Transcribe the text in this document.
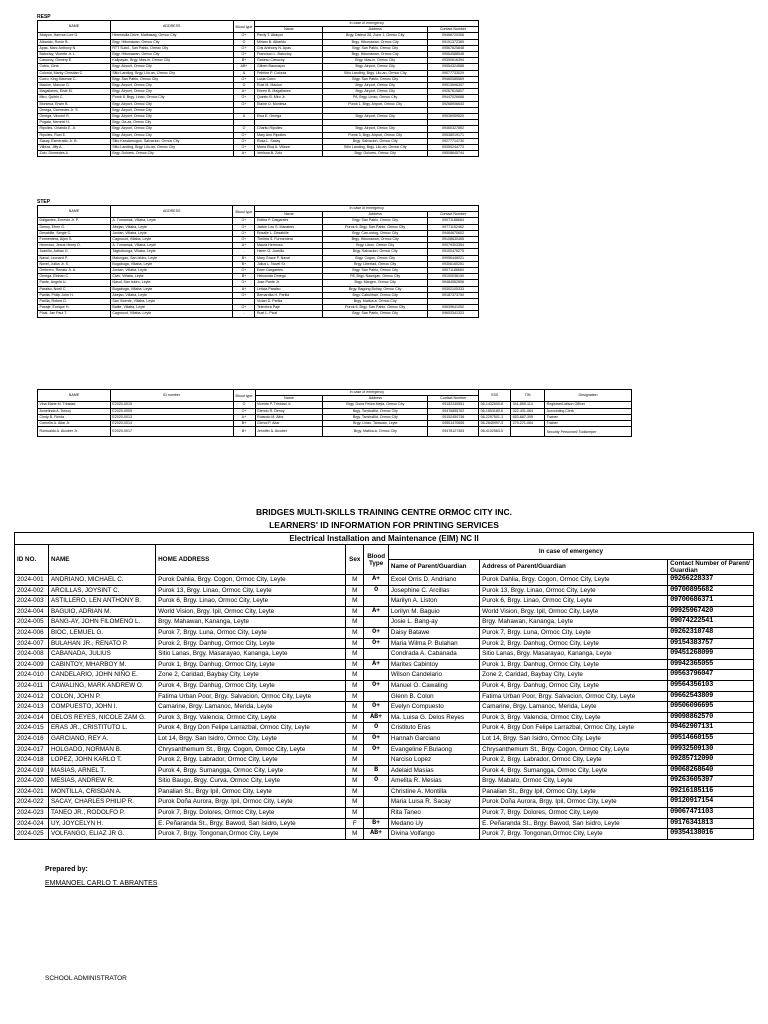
RESP
NAME	ADDRESS	Blood type	In case of emergency		
			Name	Address	Contact Number
Abayon, Harmon Lee G.	Hermosilla Drive, Matbasag, Ormoc City	O+	Perdy T. Abayon	Brgy. District 28, Zone 1, Ormoc City	09468720306
Albarido, Ronie B.	Brgy. Hibunawan, Ormoc City	O	Miriam B. Albarido	Brgy. Hibunawan, Ormoc City	09101372365
Apas, Marc Anthony N.	RTT Subd., San Pablo, Ormoc City	O+	Cris Anthony N. Apas	Brgy. San Pablo, Ormoc City	09567825848
Batoctoy, Vicente Jr. L.	Brgy. Hibunawan, Ormoc City	O+	Francisco L. Batoctoy	Brgy. Hibunawan, Ormoc City	09564588548
Casocoy, Ginnery E.	Kalipayan, Brgy. Mas-in, Ormoc City	B+	Gabeso Casocoy	Brgy. Mas-in, Ormoc City	09350616394
Cobio, Gina	Brgy. Airport, Ormoc City	AB+	Gilbert Baumayor	Brgy. Airport, Ormoc City	09554324588
Colonia, Marky Christian C.	Sitio Landing, Brgy. Lilo-an, Ormoc City	A	Febrine P. Colonia	Sitio Landing, Brgy. Lilo-an, Ormoc City	09077733029
Corro, King Maomar C.	Brgy. San Pablo, Ormoc City	O+	Lucia Corro	Brgy. San Pablo, Ormoc City	09460085569
Macion, Marcoe G.	Brgy. Airport, Ormoc City	O	Ruel M. Macion	Brgy. Airport, Ormoc City	09513696307
Magallanes, Elsie M.	Brgy. Airport, Ormoc City	A+	Eileen B. Magallanes	Brgy. Airport, Ormoc City	09267615807
Miro, Quibin C.	Purok 8, Brgy. Linao, Ormoc City	O+	Quintin B. Miro Jr.	P8, Brgy. Linao, Ormoc City	09447026688
Moniesa, Erwin B.	Brgy. Airport, Ormoc City	O+	Elaine O. Moniesa	Purok 1, Brgy. Airport, Ormoc City	09268906643
Omega, Diomedes Jr. S.	Brgy. Airport, Ormoc City				
Omega, Vincent R.	Brgy. Airport, Ormoc City	A	Elsa E. Omega	Brgy. Airport, Ormoc City	09536959520
Pugata, Nemriel H.	Brgy. Ga-as, Ormoc City				
Ripolles, Orlando E. Jr.	Brgy. Airport, Ormoc City	O	Charito Ripolles	Brgy. Airport, Ormoc City	09460327892
Ripolles, Ruel E.	Brgy. Airport, Ormoc City	O+	Mary Ann Ripolles	Purok 3, Brgy. Airport, Ormoc City	09538019171
Sasay, Esmeraldo Jr. B.	Sitio Kandarnogon, Salvacion, Ormoc City	O+	Rosa L. Sasay	Brgy. Salvacion, Ormoc City	09277714730
Villeza, Jiffy A.	Sitio Landing, Brgy. Lilo-an, Ormoc City	O+	Maria Elsa A. Villeza	Sitio Landing, Brgy. Lilo-an, Ormoc City	09350244773
Zolo, Diomedes A.	Brgy. Dolores, Ormoc City	A+	Venisoa B. Zolo	Brgy. Dolores, Ormoc City	09508645744
STEP
NAME	ADDRESS	Blood type	In case of emergency		
			Name	Address	Contact Number
Dalgantes, Ernesto Jr. P.	A. Tumamak, Villaba, Leyte	O+	Editha P. Dalgantes	Brgy. San Pablo, Ormoc City	09071188684
Denoy, Efren G.	Abejao, Villaba, Leyte	O+	Jackie Lou S. Macabus	Purok 6, Brgy. San Pablo, Ormoc City	09771152462
Desabille, Sergie C.	Jordan, Villaba, Leyte	O+	Rosalie L. Desabille	Brgy. Can-untog, Ormoc City	09484670602
Formentera, Aljon S.	Cagnocot, Villaba, Leyte	O+	Thelma S. Formentera	Brgy. Hibunawan, Ormoc City	09108630465
Hermoso, Jesus Henry O.	A. Tumamak, Villaba, Leyte	A+	Maura Hermoso	Brgy. Libon, Ormoc City	09079303354
Juanillo, Adrian G.	Tagbubunga, Villaba, Leyte	-	Helen G. Juanillo	Brgy. Salvacion, Ormoc City	09100476275
Naval, Leonard P.	Malungao, San Isidro, Leyte	B+	Mary Grace P. Naval	Brgy. Cogon, Ormoc City	09956446021
Novel, Julius Jr. S.	Bugabuga, Villaba, Leyte	B+	Julius L. Novel Sr.	Brgy. Libertad, Ormoc City	09306160251
Ombrero, Renato Jr. A.	Jordan, Villaba, Leyte	O+	Eden Dargantes	Brgy. San Pablo, Ormoc City	09071188684
Omega, Eldrian C.	Civic, Villaba, Leyte	B+	Helconida Omega	P8, Brgy. Naungan, Ormoc City	09100038150
Pante, Angelo U.	Nasul, San Isidro, Leyte	O+	Jose Pante Jr.	Brgy. Margen, Ormoc City	09484562806
Paraiso, Noeil C.	Bugabuga, Villaba, Leyte	A+	Leticia Paraiso	Brgy. Bagong Buhay, Ormoc City	09302105333
Parilla, Philip John H.	Abejao, Villaba, Leyte	O+	Bernardita H. Parilla	Brgy. Cabulihan, Ormoc City	09187373750
Parilla, Robert D.	San Vicente, Villaba, Leyte		Vivian D. Parilla	Brgy. Matica-a, Ormoc City	
Pasaje, Enrique H.	Batite, Villaba, Leyte	O+	Teleofora Paje	Purok 6, Brgy. San Pablo, Ormoc City	09639641052
Pical, Jan Paul T.	Cagnocot, Villaba, Leyte	-	Ruel L. Pical	Brgy. San Pablo, Ormoc City	09653341323
NAME	ID number	Blood type	In case of emergency			SSS	TIN	Designation
			Name	Address	Contact Number			
Vina Marie M. Trinidad	E2020-0015	O	Vicente P. Trinidad Jr.	Brgy. Dona Feliza Mejia, Ormoc City	09152245551	06-1432600-8	341-859-114	Registrar/Liaison Officer
Annelinda A. Denoy	E2020-0009	O+	Glendo R. Denoy	Brgy. Tambulilid, Ormoc City	09476855762	06-1853180-6	322-431-064	Accounting Clerk
Cindy B. Funda	E2020-0013	A+	Rolando M. Alfor	Brgy. Tambulilid, Ormoc City	09152450736	06-2297501-3	653-687-395	Trainer
Cornelio A. Altar Jr.	E2020-0014	B+	Glenol P. Altar	Brgy. Linao, Tanauan, Leyte	09551470655	06-2840997-3	279-271-064	Trainer
Romualdo A. Alcober Jr.	E2020-0017	B+	Jennifer A. Alcober	Brgy. Matica-a, Ormoc City	09478127363	06-4102563-5		Security Personnel/ Toolkeeper
BRIDGES MULTI-SKILLS TRAINING CENTRE ORMOC CITY INC.
LEARNERS' ID INFORMATION FOR PRINTING SERVICES
Electrical Installation and Maintenance (EIM) NC II							
ID NO.	NAME	HOME ADDRESS	Sex	Blood Type	In case of emergency		
					Name of Parent/Guardian	Address of Parent/Guardian	Contact Number of Parent/ Guardian
2024-001	ANDRIANO, MICHAEL C.	Purok Dahlia, Brgy. Cogon, Ormoc City, Leyte	M	A+	Excel Orris D. Andriano	Purok Dahlia, Brgy. Cogon, Ormoc City, Leyte	09266228337
2024-002	ARCILLAS, JOYSINT C.	Purok 13, Brgy. Linao, Ormoc City, Leyte	M	O	Josephine C. Arcillas	Purok 13, Brgy. Linao, Ormoc City, Leyte	09700895682
2024-003	ASTILLERO, LEN ANTHONY B.	Purok 6, Brgy. Linao, Ormoc City, Leyte	M		Marilyn A. Liston	Purok 6, Brgy. Linao, Ormoc City, Leyte	09700686371
2024-004	BAGUIO, ADRIAN M.	World Vision, Brgy. Ipil, Ormoc City, Leyte	M	A+	Lorilyn M. Baguio	World Vision, Brgy. Ipil, Ormoc City, Leyte	09925967420
2024-005	BANG-AY, JOHN FILOMENO L.	Brgy. Mahawan, Kananga, Leyte	M		Josie L. Bang-ay	Brgy. Mahawan, Kananga, Leyte	09074222541
2024-006	BIOC, LEMUEL G.	Purok 7, Brgy. Luna, Ormoc City, Leyte	M	O+	Daisy Batawe	Purok 7, Brgy. Luna, Ormoc City, Leyte	09262310748
2024-007	BULAHAN JR., RENATO P.	Purok 2, Brgy. Danhug, Ormoc City, Leyte	M	O+	Maria Wilma P. Bulahan	Purok 2, Brgy. Danhug, Ormoc City, Leyte	09154383757
2024-008	CABANADA, JULIUS	Sitio Lanas, Brgy. Masarayao, Kananga, Leyte	M		Condrada A. Cabanada	Sitio Lanas, Brgy. Masarayao, Kananga, Leyte	09451268099
2024-009	CABINTOY, MHARBOY M.	Purok 1, Brgy. Danhug, Ormoc City, Leyte	M	A+	Marites Cabintoy	Purok 1, Brgy. Danhug, Ormoc City, Leyte	09942365055
2024-010	CANDELARIO, JOHN NIÑO E.	Zone 2, Caridad, Baybay City, Leyte	M		Wilson Candelario	Zone 2, Caridad, Baybay City, Leyte	09563796047
2024-011	CAWALING, MARK ANDREW O.	Purok 4, Brgy. Danhug, Ormoc City, Leyte	M	O+	Manuel O. Cawaling	Purok 4, Brgy. Danhug, Ormoc City, Leyte	09564356103
2024-012	COLON, JOHN P.	Fatima Urban Poor, Brgy. Salvacion, Ormoc City, Leyte	M		Glenn B. Colon	Fatima Urban Poor, Brgy. Salvacion, Ormoc City, Leyte	09662543809
2024-013	COMPUESTO, JOHN I.	Camarine, Brgy. Lamanoc, Merida, Leyte	M	O+	Evelyn Compuesto	Camarine, Brgy. Lamanoc, Merida, Leyte	09506096695
2024-014	DELOS REYES, NICOLE ZAM G.	Purok 3, Brgy. Valencia, Ormoc City, Leyte	M	AB+	Ma. Luisa G. Delos Reyes	Purok 3, Brgy. Valencia, Ormoc City, Leyte	09098862570
2024-015	ERAS JR., CRISTITUTO L.	Purok 4, Brgy Don Felipe Larrazbal, Ormoc City, Leyte	M	O	Cristituto Eras	Purok 4, Brgy Don Felipe Larrazbal, Ormoc City, Leyte	09462907131
2024-016	GARCIANO, REY A.	Lot 14, Brgy. San Isidro, Ormoc City, Leyte	M	O+	Hannah Garciano	Lot 14, Brgy. San Isidro, Ormoc City, Leyte	09514660155
2024-017	HOLGADO, NORMAN B.	Chrysanthemum St., Brgy. Cogon, Ormoc City, Leyte	M	O+	Evangeline F.Bulaong	Chrysanthemum St., Brgy. Cogon, Ormoc City, Leyte	09932509130
2024-018	LOPEZ, JOHN KARLO T.	Purok 2, Brgy. Labrador, Ormoc City, Leyte	M		Narciso Lopez	Purok 2, Brgy. Labrador, Ormoc City, Leyte	09285712090
2024-019	MASIAS, ARNEL T.	Purok 4, Brgy. Sumangga, Ormoc City, Leyte	M	B	Adelaid Masias	Purok 4, Brgy. Sumangga, Ormoc City, Leyte	09068268640
2024-020	MESIAS, ANDREW R.	Sitio Baugo, Brgy. Curva, Ormoc City, Leyte	M	O	Amelita R. Mesias	Brgy. Mabato, Ormoc City, Leyte	09263605397
2024-021	MONTILLA, CRISDAN A.	Panalian St., Brgy Ipil, Ormoc City, Leyte	M		Christine A. Montilla	Panalian St., Brgy Ipil, Ormoc City, Leyte	09216185116
2024-022	SACAY, CHARLES PHILIP R.	Purok Doña Aurora, Brgy. Ipil, Ormoc City, Leyte	M		Maria Luisa R. Sacay	Purok Doña Aurora, Brgy. Ipil, Ormoc City, Leyte	09120917154
2024-023	TANEO JR., RODOLFO P.	Purok 7, Brgy. Dolores, Ormoc City, Leyte	M		Rita Taneo	Purok 7, Brgy. Dolores, Ormoc City, Leyte	09067471103
2024-024	UY, JOYCELYN H.	E. Peñaranda St., Brgy. Bawod, San Isidro, Leyte	F	B+	Medano Uy	E. Peñaranda St., Brgy. Bawod, San Isidro, Leyte	09176341813
2024-025	VOLFANGO, ELIAZ JR G.	Purok 7, Brgy. Tongonan,Ormoc City, Leyte	M	AB+	Divina Volfango	Purok 7, Brgy. Tongonan,Ormoc City, Leyte	09354138016
Prepared by:
EMMANOEL CARLO T. ABRANTES
SCHOOL ADMINISTRATOR
